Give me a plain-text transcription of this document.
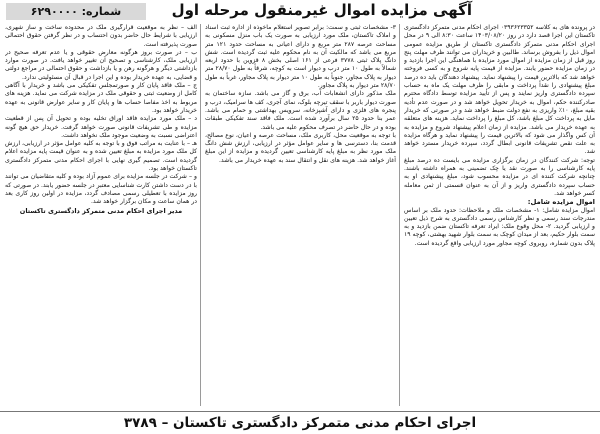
آگهی مزایده اموال غیرمنقول مرحله اول
شماره: ۶۲۹۰۰۰۰

در پرونده های به کلاسه ۰۳۹۳۶۲۳۳۵۲ اجرای احکام مدنی متمرکز دادگستری تاکستان این اجرا قصد دارد در روز ۱۴۰۳/۰۸/۲۰ ساعت ۸:۳۰ الی ۹ در محل اجرای احکام مدنی متمرکز دادگستری تاکستان از طریق مزایده عمومی اموال ذیل را بفروش برساند. طالبین و خریداران می توانند ظرف مهلت پنج روز قبل از زمان مزایده از اموال مورد مزایده با هماهنگی این اجرا بازدید و در زمان مزایده حضور یابند. مزایده از قیمت پایه شروع و به کسی فروخته خواهد شد که بالاترین قیمت را پیشنهاد نماید. پیشنهاد دهندگان باید ده درصد مبلغ پیشنهادی را نقداً پرداخت و مابقی را ظرف مهلت یک ماه به حساب سپرده دادگستری واریز نمایند و پس از تأیید مزایده توسط دادگاه محترم صادرکننده حکم، اموال به خریدار تحویل خواهد شد و در صورت عدم تأدیه بقیه مبلغ، ۱۰٪ واریزی به نفع دولت ضبط خواهد شد و در صورتی که خریدار مایل به پرداخت کل مبلغ باشد، کل مبلغ را پرداخت نماید. هزینه های متعلقه به عهده خریدار می باشد. مزایده از زمان اعلام پیشنهاد شروع و مزایده به آن کس واگذار می شود که بالاترین قیمت را پیشنهاد نماید و هرگاه مزایده به علت نقص تشریفات قانونی ابطال گردد، سپرده خریدار مسترد خواهد شد.

توجه: شرکت کنندگان در زمان برگزاری مزایده می بایست ده درصد مبلغ پایه کارشناسی را به صورت نقد یا چک تضمینی به همراه داشته باشند. چنانچه شرکت کننده ای در مزایده محسوب شود، مبلغ پیشنهادی او به حساب سپرده دادگستری واریز و از آن به عنوان قسمتی از ثمن معامله کسر خواهد شد.

اموال مزایده شامل:

اموال مزایده شامل: ۱- مشخصات ملک و ملاحظات: حدود ملک بر اساس مندرجات سند رسمی و نظر کارشناس رسمی دادگستری به شرح ذیل تعیین و ارزیابی گردید. ۲- محل وقوع ملک: ایراد تعرفه تاکستان ضمن بازدید و به سمت بلوار حکیم، بعد از میدان کوچک به سمت بلوار شهید بهشتی، کوچه ۱۹ پلاک بدون شماره، روبروی کوچه مجاور مورد ارزیابی واقع گردیده است.

۳- مشخصات ثبتی و سمت: برابر تصویر استعلام ماخوذه از اداره ثبت اسناد و املاک تاکستان، ملک مورد ارزیابی به صورت یک باب منزل مسکونی به مساحت عرصه ۲۸۷ متر مربع و دارای اعیانی به مساحت حدود ۱۲۱ متر مربع می باشد که مالکیت آن به نام محکوم علیه ثبت گردیده است. شش دانگ پلاک ثبتی ۳۷۷۸ فرعی از ۱۶۱ اصلی بخش ۸ قزوین با حدود اربعه شمالاً به طول ۱۰ متر درب و دیوار است به کوچه، شرقاً به طول ۲۸/۷۰ متر دیوار به پلاک مجاور، جنوباً به طول ۱۰ متر دیوار به پلاک مجاور، غرباً به طول ۲۸/۷۰ متر دیوار به پلاک مجاور.

ملک مذکور دارای انشعابات آب، برق و گاز می باشد. سازه ساختمان به صورت دیوار باربر با سقف تیرچه بلوک، نمای آجری، کف ها سرامیک، درب و پنجره های فلزی و دارای آشپزخانه، سرویس بهداشتی و حمام می باشد. عمر بنا حدود ۲۵ سال برآورد شده است. ملک فاقد سند تفکیکی طبقات بوده و در حال حاضر در تصرف محکوم علیه می باشد.

با توجه به موقعیت محل، کاربری ملک، مساحت عرصه و اعیان، نوع مصالح، قدمت بنا، دسترسی ها و سایر عوامل مؤثر در ارزیابی، ارزش شش دانگ ملک مورد نظر به مبلغ پایه کارشناسی تعیین گردیده و مزایده از این مبلغ آغاز خواهد شد. هزینه های نقل و انتقال سند به عهده خریدار می باشد.

الف – نظر به موقعیت قرارگیری ملک در محدوده ساخت و ساز شهری، ارزیابی با شرایط حال حاضر بدون احتساب و در نظر گرفتن حقوق احتمالی صورت پذیرفته است.

ب – در صورت بروز هرگونه معارض حقوقی و یا عدم تعرفه صحیح در ارزیابی ملک، کارشناسی و تصحیح آن تغییر خواهد یافت. در صورت موارد بازداشتی دیگر و هرگونه رهن و یا بازداشت و حقوق احتمالی در مراجع دولتی و قضایی، به عهده خریدار بوده و این اجرا در قبال آن مسئولیتی ندارد.

ج – ملک فاقد پایان کار و صورتمجلس تفکیکی می باشد و خریدار با آگاهی کامل از وضعیت ثبتی و حقوقی ملک در مزایده شرکت می نماید. هزینه های مربوط به اخذ مفاصا حساب ها و پایان کار و سایر عوارض قانونی به عهده خریدار خواهد بود.

د – ملک مورد مزایده فاقد اوراق تخلیه بوده و تحویل آن پس از قطعیت مزایده و طی تشریفات قانونی صورت خواهد گرفت. خریدار حق هیچ گونه اعتراضی نسبت به وضعیت موجود ملک نخواهد داشت.

هـ – با عنایت به مراتب فوق و با توجه به کلیه عوامل مؤثر در ارزیابی، ارزش کل ملک مورد مزایده به مبلغ تعیین شده و به عنوان قیمت پایه مزایده اعلام گردیده است. تصمیم گیری نهایی با اجرای احکام مدنی متمرکز دادگستری تاکستان خواهد بود.

و – شرکت در جلسه مزایده برای عموم آزاد بوده و کلیه متقاضیان می توانند با در دست داشتن کارت شناسایی معتبر در جلسه حضور یابند. در صورتی که روز مزایده با تعطیلی رسمی مصادف گردد، مزایده در اولین روز کاری بعد در همان ساعت و مکان برگزار خواهد شد.

مدیر اجرای احکام مدنی متمرکز دادگستری تاکستان

اجرای احکام مدنی متمرکز دادگستری تاکستان – ۳۷۸۹
